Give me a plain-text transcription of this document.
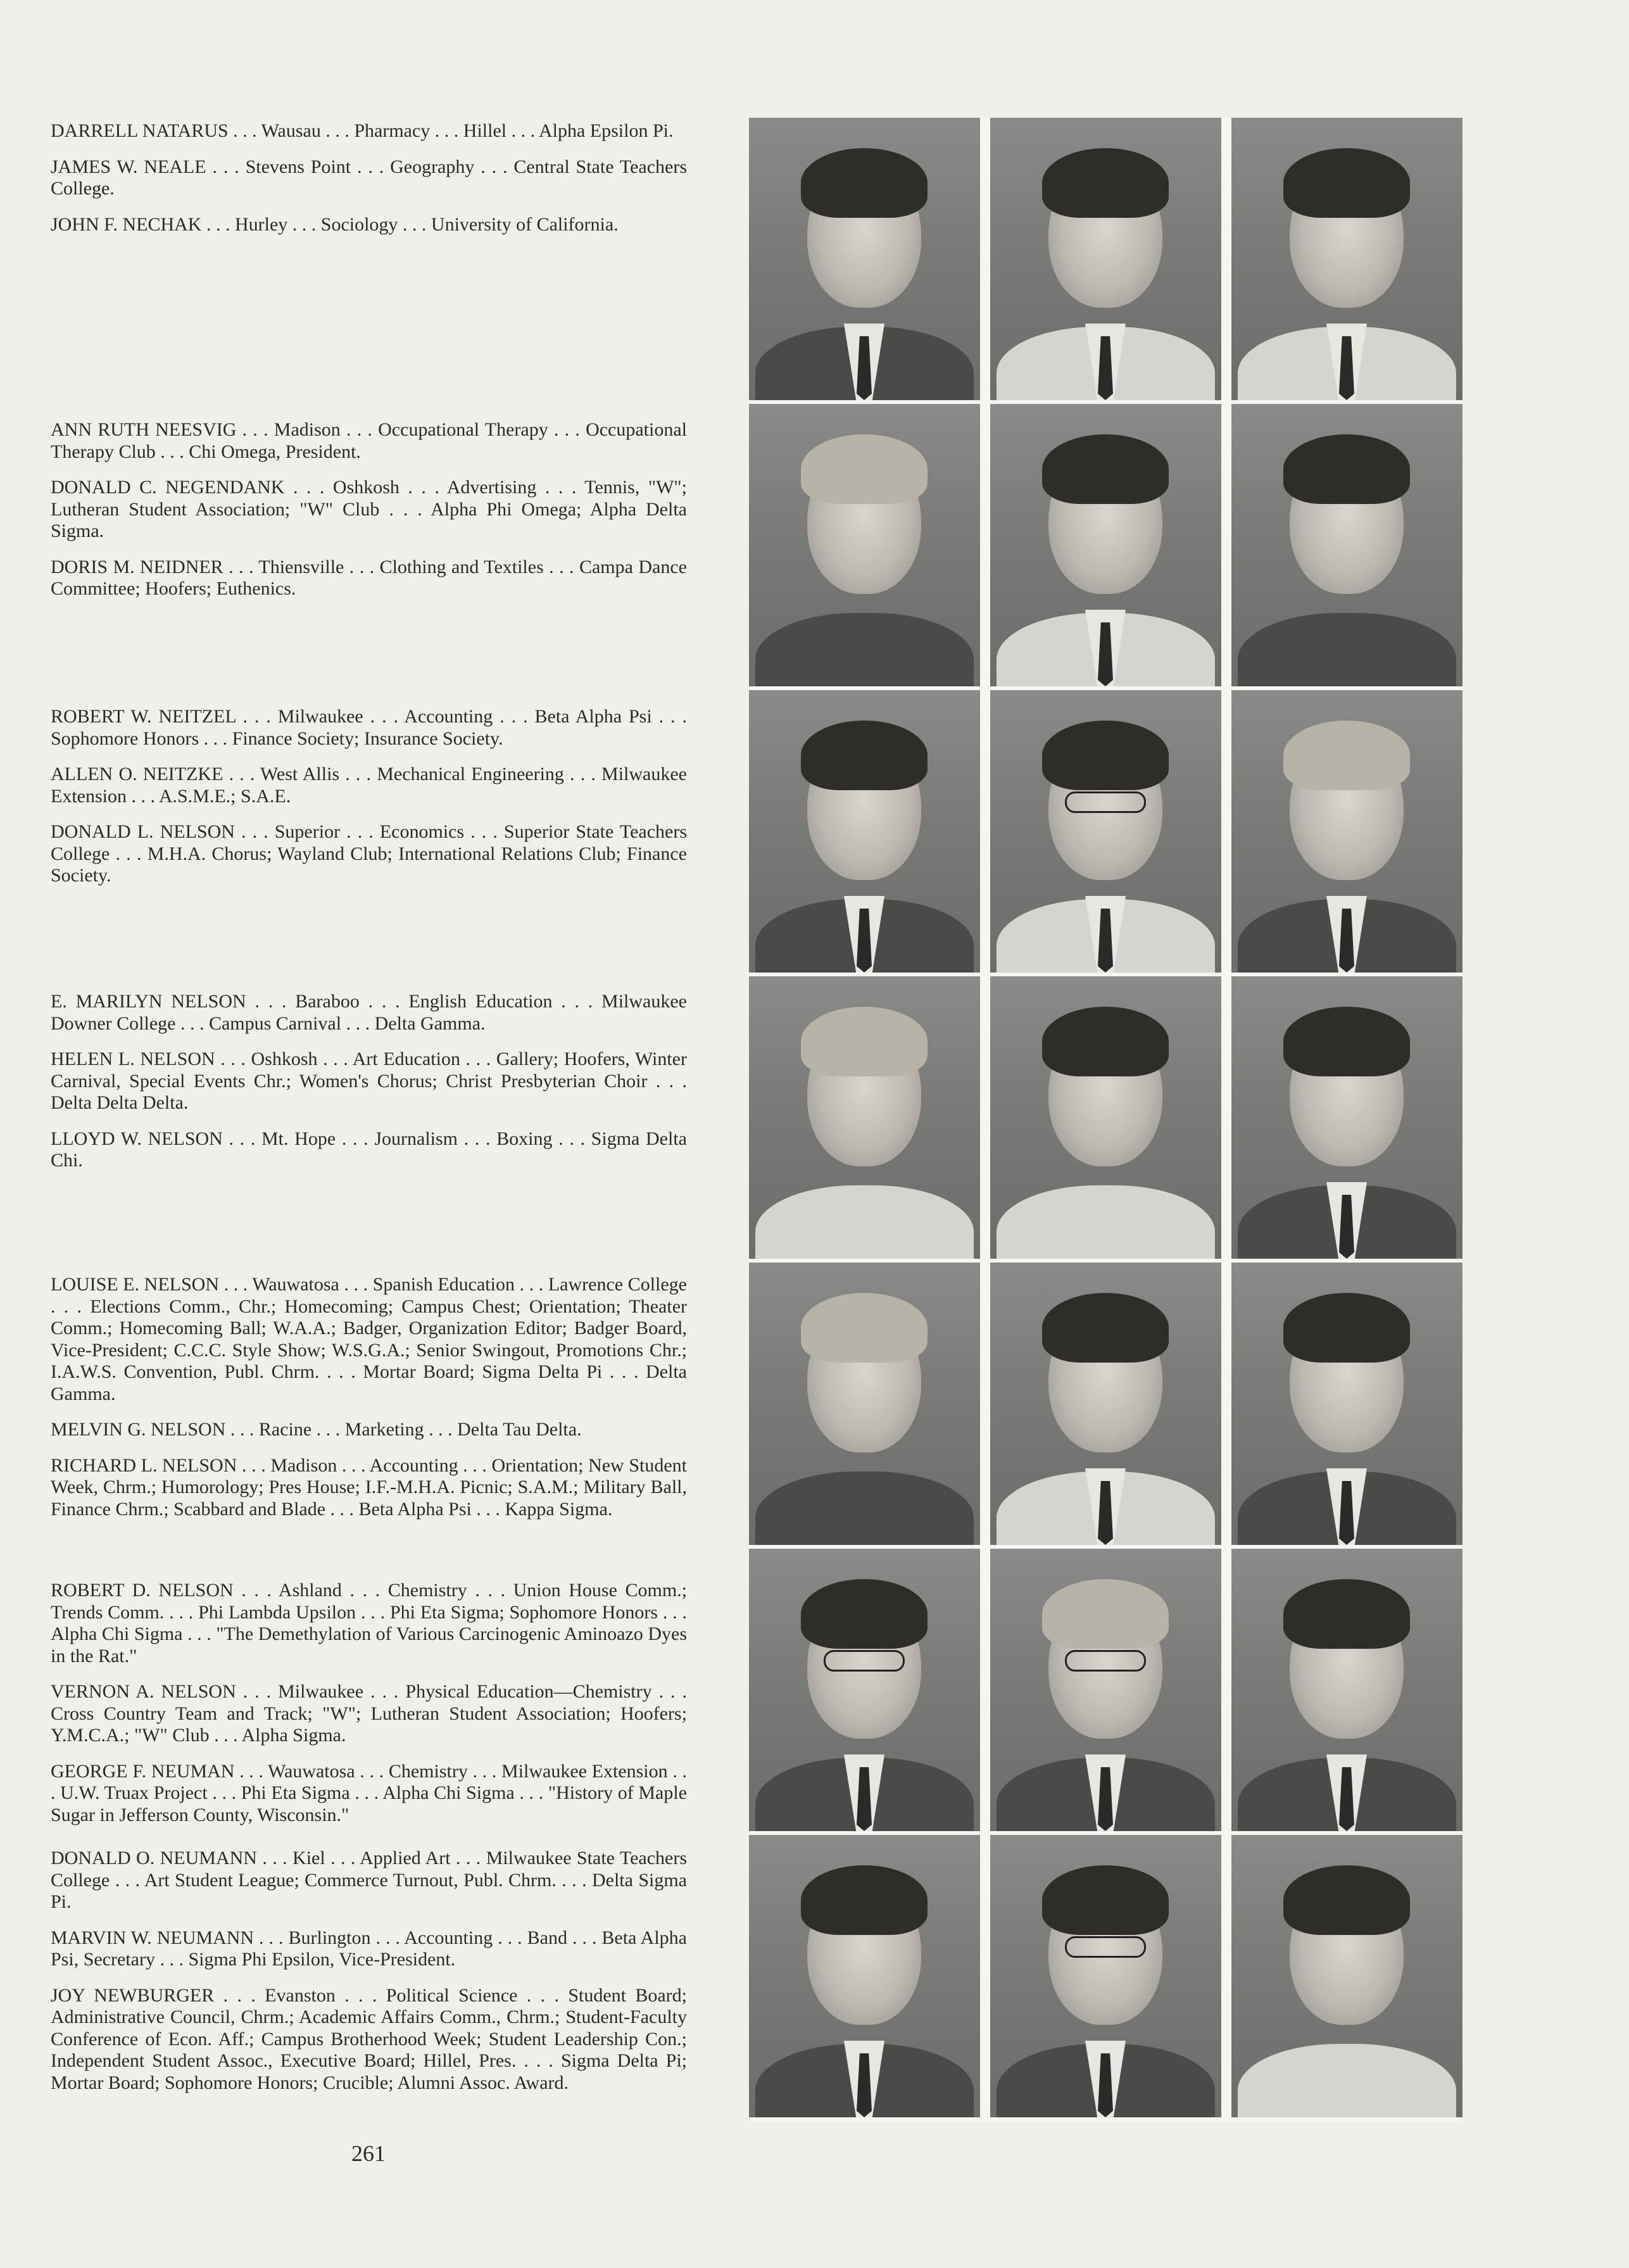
DARRELL NATARUS . . . Wausau . . . Pharmacy . . . Hillel . . . Alpha Epsilon Pi.

JAMES W. NEALE . . . Stevens Point . . . Geography . . . Central State Teachers College.

JOHN F. NECHAK . . . Hurley . . . Sociology . . . University of California.

ANN RUTH NEESVIG . . . Madison . . . Occupational Therapy . . . Occupational Therapy Club . . . Chi Omega, President.

DONALD C. NEGENDANK . . . Oshkosh . . . Advertising . . . Tennis, "W"; Lutheran Student Association; "W" Club . . . Alpha Phi Omega; Alpha Delta Sigma.

DORIS M. NEIDNER . . . Thiensville . . . Clothing and Textiles . . . Campa Dance Committee; Hoofers; Euthenics.

ROBERT W. NEITZEL . . . Milwaukee . . . Accounting . . . Beta Alpha Psi . . . Sophomore Honors . . . Finance Society; Insurance Society.

ALLEN O. NEITZKE . . . West Allis . . . Mechanical Engineering . . . Milwaukee Extension . . . A.S.M.E.; S.A.E.

DONALD L. NELSON . . . Superior . . . Economics . . . Superior State Teachers College . . . M.H.A. Chorus; Wayland Club; International Relations Club; Finance Society.

E. MARILYN NELSON . . . Baraboo . . . English Education . . . Milwaukee Downer College . . . Campus Carnival . . . Delta Gamma.

HELEN L. NELSON . . . Oshkosh . . . Art Education . . . Gallery; Hoofers, Winter Carnival, Special Events Chr.; Women's Chorus; Christ Presbyterian Choir . . . Delta Delta Delta.

LLOYD W. NELSON . . . Mt. Hope . . . Journalism . . . Boxing . . . Sigma Delta Chi.

LOUISE E. NELSON . . . Wauwatosa . . . Spanish Education . . . Lawrence College . . . Elections Comm., Chr.; Homecoming; Campus Chest; Orientation; Theater Comm.; Homecoming Ball; W.A.A.; Badger, Organization Editor; Badger Board, Vice-President; C.C.C. Style Show; W.S.G.A.; Senior Swingout, Promotions Chr.; I.A.W.S. Convention, Publ. Chrm. . . . Mortar Board; Sigma Delta Pi . . . Delta Gamma.

MELVIN G. NELSON . . . Racine . . . Marketing . . . Delta Tau Delta.

RICHARD L. NELSON . . . Madison . . . Accounting . . . Orientation; New Student Week, Chrm.; Humorology; Pres House; I.F.-M.H.A. Picnic; S.A.M.; Military Ball, Finance Chrm.; Scabbard and Blade . . . Beta Alpha Psi . . . Kappa Sigma.

ROBERT D. NELSON . . . Ashland . . . Chemistry . . . Union House Comm.; Trends Comm. . . . Phi Lambda Upsilon . . . Phi Eta Sigma; Sophomore Honors . . . Alpha Chi Sigma . . . "The Demethylation of Various Carcinogenic Aminoazo Dyes in the Rat."

VERNON A. NELSON . . . Milwaukee . . . Physical Education—Chemistry . . . Cross Country Team and Track; "W"; Lutheran Student Association; Hoofers; Y.M.C.A.; "W" Club . . . Alpha Sigma.

GEORGE F. NEUMAN . . . Wauwatosa . . . Chemistry . . . Milwaukee Extension . . . U.W. Truax Project . . . Phi Eta Sigma . . . Alpha Chi Sigma . . . "History of Maple Sugar in Jefferson County, Wisconsin."

DONALD O. NEUMANN . . . Kiel . . . Applied Art . . . Milwaukee State Teachers College . . . Art Student League; Commerce Turnout, Publ. Chrm. . . . Delta Sigma Pi.

MARVIN W. NEUMANN . . . Burlington . . . Accounting . . . Band . . . Beta Alpha Psi, Secretary . . . Sigma Phi Epsilon, Vice-President.

JOY NEWBURGER . . . Evanston . . . Political Science . . . Student Board; Administrative Council, Chrm.; Academic Affairs Comm., Chrm.; Student-Faculty Conference of Econ. Aff.; Campus Brotherhood Week; Student Leadership Con.; Independent Student Assoc., Executive Board; Hillel, Pres. . . . Sigma Delta Pi; Mortar Board; Sophomore Honors; Crucible; Alumni Assoc. Award.

261
